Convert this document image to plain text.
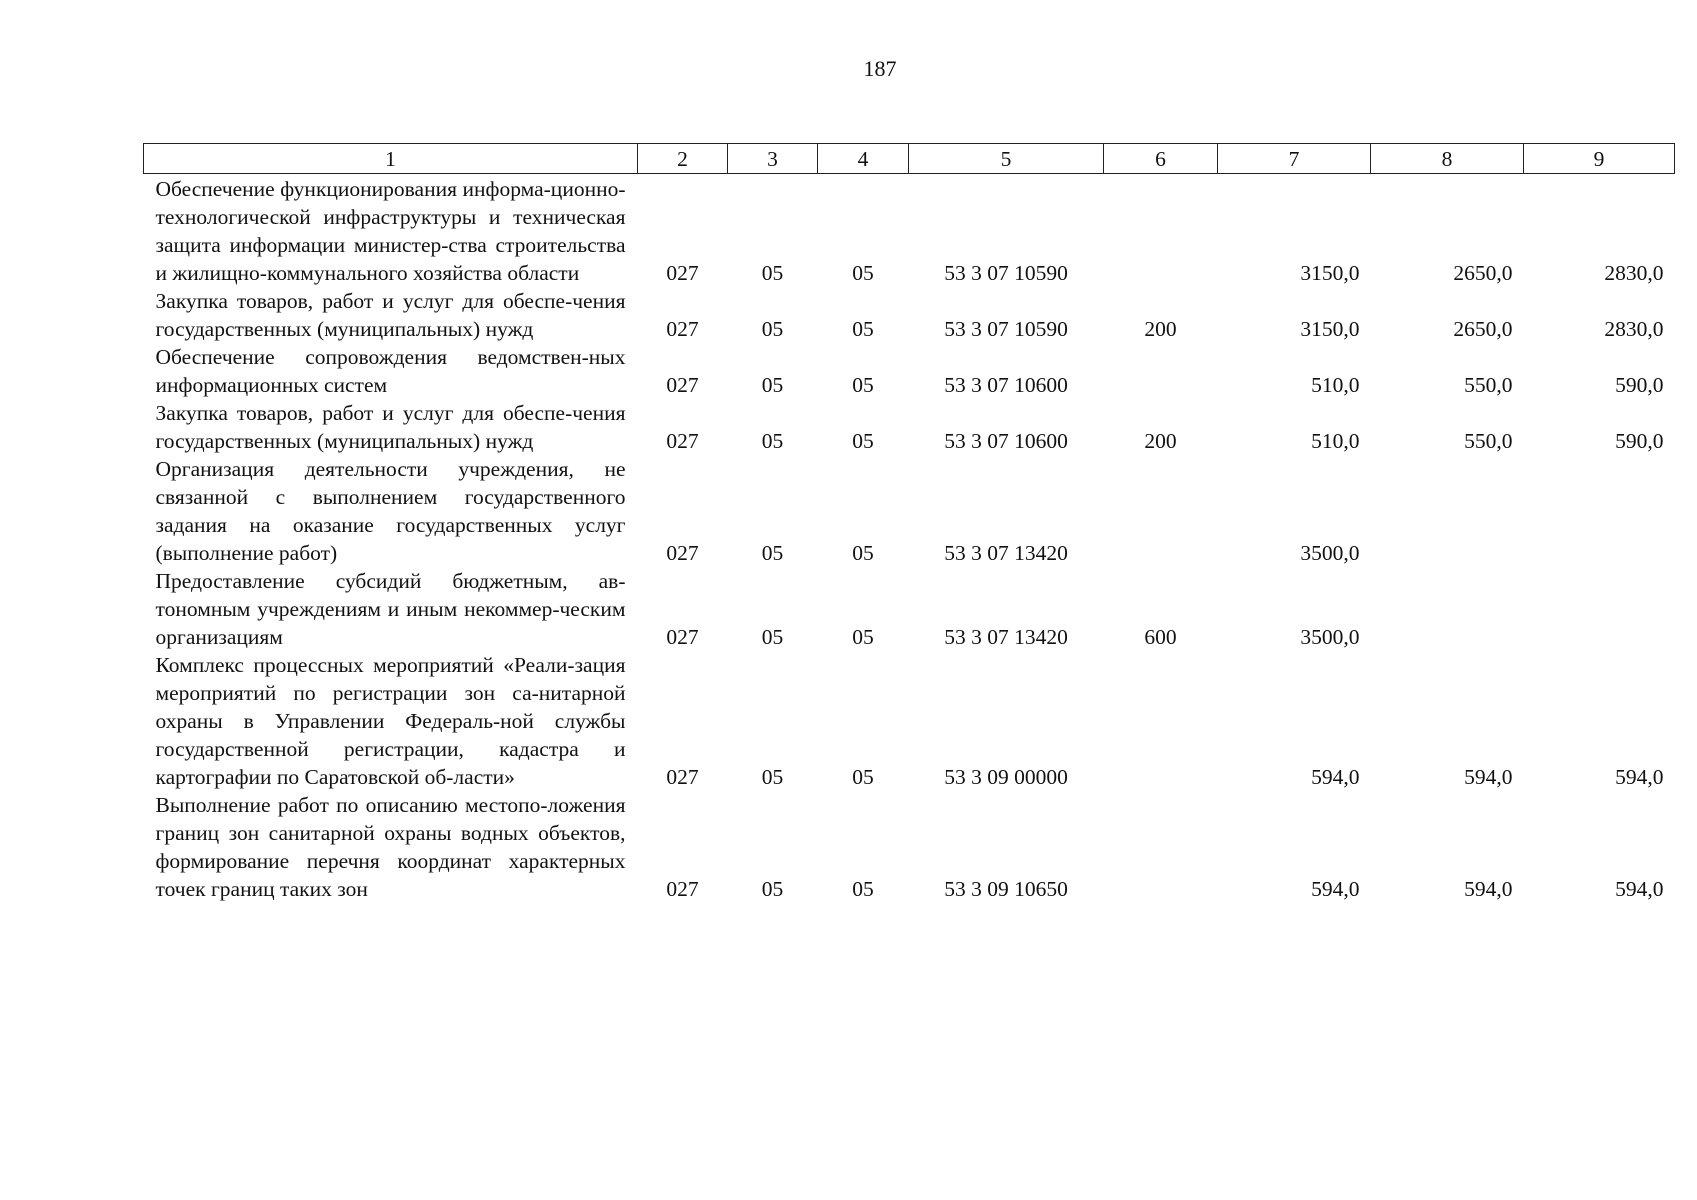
187
1	2	3	4	5	6	7	8	9
Обеспечение функционирования информа-ционно-технологической инфраструктуры и техническая защита информации министер-ства строительства и жилищно-коммунального хозяйства области	027	05	05	53 3 07 10590		3150,0	2650,0	2830,0
Закупка товаров, работ и услуг для обеспе-чения государственных (муниципальных) нужд	027	05	05	53 3 07 10590	200	3150,0	2650,0	2830,0
Обеспечение сопровождения ведомствен-ных информационных систем	027	05	05	53 3 07 10600		510,0	550,0	590,0
Закупка товаров, работ и услуг для обеспе-чения государственных (муниципальных) нужд	027	05	05	53 3 07 10600	200	510,0	550,0	590,0
Организация деятельности учреждения, не связанной с выполнением государственного задания на оказание государственных услуг (выполнение работ)	027	05	05	53 3 07 13420		3500,0		
Предоставление субсидий бюджетным, ав-тономным учреждениям и иным некоммер-ческим организациям	027	05	05	53 3 07 13420	600	3500,0		
Комплекс процессных мероприятий «Реали-зация мероприятий по регистрации зон са-нитарной охраны в Управлении Федераль-ной службы государственной регистрации, кадастра и картографии по Саратовской об-ласти»	027	05	05	53 3 09 00000		594,0	594,0	594,0
Выполнение работ по описанию местопо-ложения границ зон санитарной охраны водных объектов, формирование перечня координат характерных точек границ таких зон	027	05	05	53 3 09 10650		594,0	594,0	594,0
